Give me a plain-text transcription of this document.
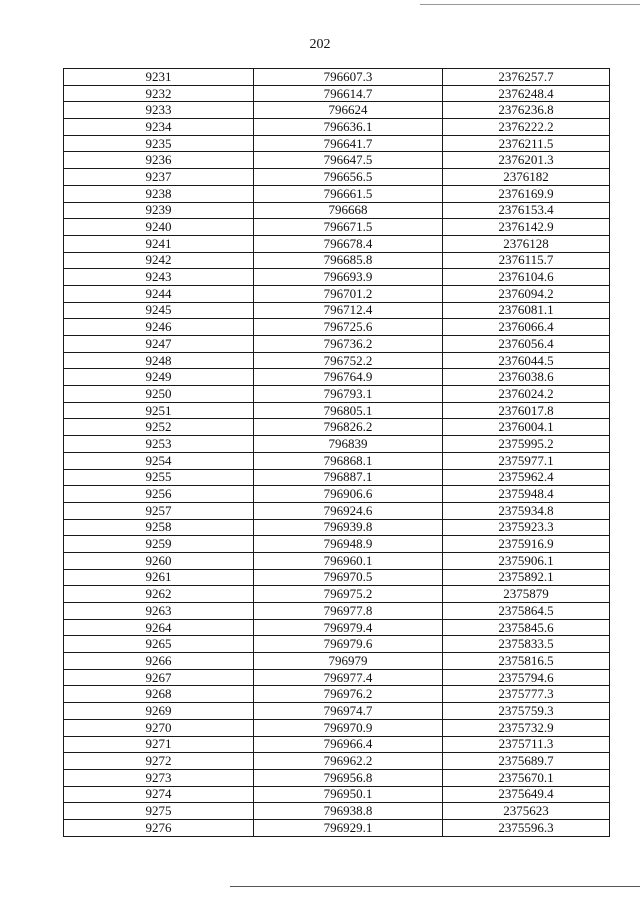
202
9231	796607.3	2376257.7
9232	796614.7	2376248.4
9233	796624	2376236.8
9234	796636.1	2376222.2
9235	796641.7	2376211.5
9236	796647.5	2376201.3
9237	796656.5	2376182
9238	796661.5	2376169.9
9239	796668	2376153.4
9240	796671.5	2376142.9
9241	796678.4	2376128
9242	796685.8	2376115.7
9243	796693.9	2376104.6
9244	796701.2	2376094.2
9245	796712.4	2376081.1
9246	796725.6	2376066.4
9247	796736.2	2376056.4
9248	796752.2	2376044.5
9249	796764.9	2376038.6
9250	796793.1	2376024.2
9251	796805.1	2376017.8
9252	796826.2	2376004.1
9253	796839	2375995.2
9254	796868.1	2375977.1
9255	796887.1	2375962.4
9256	796906.6	2375948.4
9257	796924.6	2375934.8
9258	796939.8	2375923.3
9259	796948.9	2375916.9
9260	796960.1	2375906.1
9261	796970.5	2375892.1
9262	796975.2	2375879
9263	796977.8	2375864.5
9264	796979.4	2375845.6
9265	796979.6	2375833.5
9266	796979	2375816.5
9267	796977.4	2375794.6
9268	796976.2	2375777.3
9269	796974.7	2375759.3
9270	796970.9	2375732.9
9271	796966.4	2375711.3
9272	796962.2	2375689.7
9273	796956.8	2375670.1
9274	796950.1	2375649.4
9275	796938.8	2375623
9276	796929.1	2375596.3
